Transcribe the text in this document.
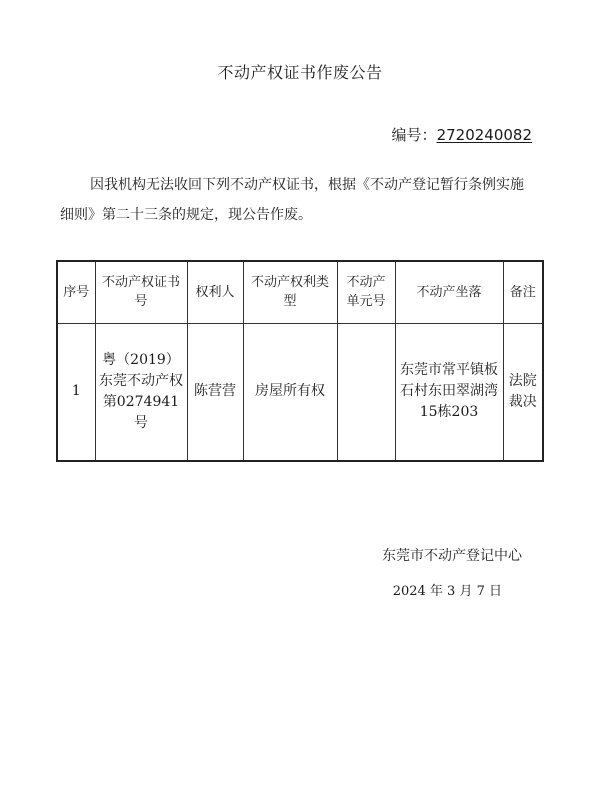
不动产权证书作废公告
编号：2720240082

因我机构无法收回下列不动产权证书，根据《不动产登记暂行条例实施细则》第二十三条的规定，现公告作废。

序号	不动产权证书号	权利人	不动产权利类型	不动产单元号	不动产坐落	备注
1	粤（2019）东莞不动产权第0274941号	陈营营	房屋所有权		东莞市常平镇板石村东田翠湖湾15栋203	法院裁决
东莞市不动产登记中心
2024 年 3 月 7 日
